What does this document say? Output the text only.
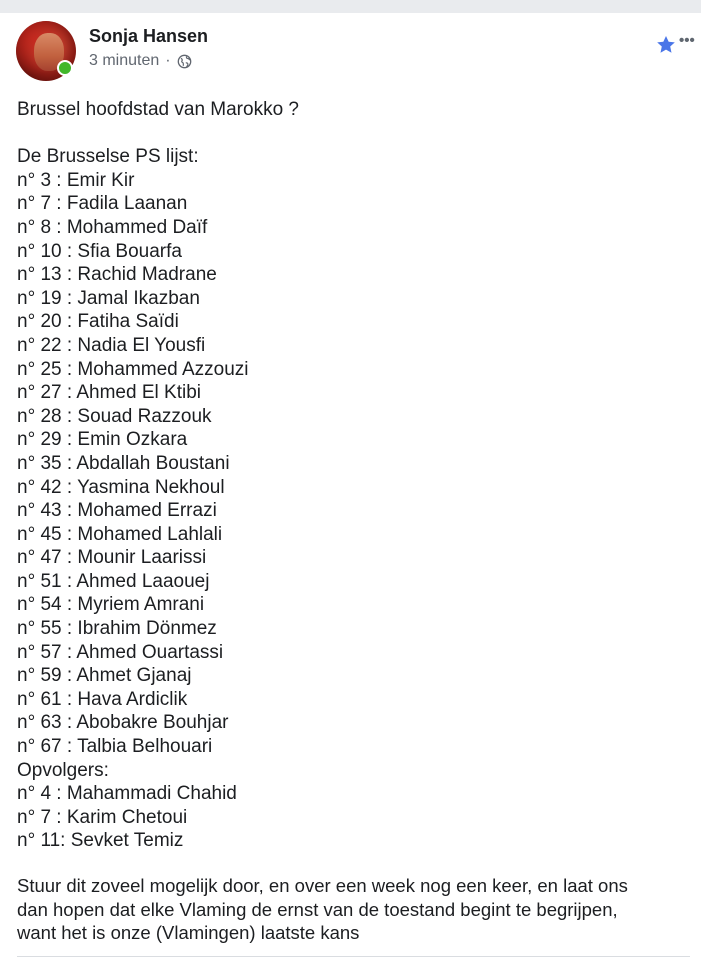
Sonja Hansen
3 minuten ·
•••
Brussel hoofdstad van Marokko ?
De Brusselse PS lijst:
n° 3 : Emir Kir
n° 7 : Fadila Laanan
n° 8 : Mohammed Daïf
n° 10 : Sfia Bouarfa
n° 13 : Rachid Madrane
n° 19 : Jamal Ikazban
n° 20 : Fatiha Saïdi
n° 22 : Nadia El Yousfi
n° 25 : Mohammed Azzouzi
n° 27 : Ahmed El Ktibi
n° 28 : Souad Razzouk
n° 29 : Emin Ozkara
n° 35 : Abdallah Boustani
n° 42 : Yasmina Nekhoul
n° 43 : Mohamed Errazi
n° 45 : Mohamed Lahlali
n° 47 : Mounir Laarissi
n° 51 : Ahmed Laaouej
n° 54 : Myriem Amrani
n° 55 : Ibrahim Dönmez
n° 57 : Ahmed Ouartassi
n° 59 : Ahmet Gjanaj
n° 61 : Hava Ardiclik
n° 63 : Abobakre Bouhjar
n° 67 : Talbia Belhouari
Opvolgers:
n° 4 : Mahammadi Chahid
n° 7 : Karim Chetoui
n° 11: Sevket Temiz
Stuur dit zoveel mogelijk door, en over een week nog een keer, en laat ons
dan hopen dat elke Vlaming de ernst van de toestand begint te begrijpen,
want het is onze (Vlamingen) laatste kans
